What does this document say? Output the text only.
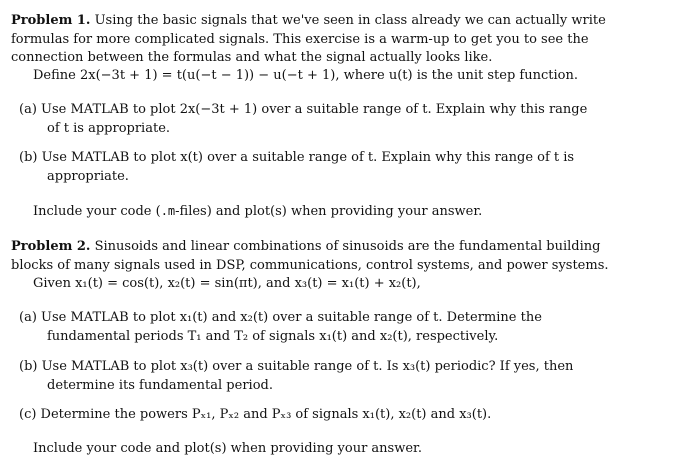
Problem 1. Using the basic signals that we've seen in class already we can actually write
formulas for more complicated signals. This exercise is a warm-up to get you to see the
connection between the formulas and what the signal actually looks like.
Define 2x(−3t + 1) = t(u(−t − 1)) − u(−t + 1), where u(t) is the unit step function.
(a) Use MATLAB to plot 2x(−3t + 1) over a suitable range of t. Explain why this range
of t is appropriate.
(b) Use MATLAB to plot x(t) over a suitable range of t. Explain why this range of t is
appropriate.
Include your code (.m-files) and plot(s) when providing your answer.
Problem 2. Sinusoids and linear combinations of sinusoids are the fundamental building
blocks of many signals used in DSP, communications, control systems, and power systems.
Given x₁(t) = cos(t), x₂(t) = sin(πt), and x₃(t) = x₁(t) + x₂(t),
(a) Use MATLAB to plot x₁(t) and x₂(t) over a suitable range of t. Determine the
fundamental periods T₁ and T₂ of signals x₁(t) and x₂(t), respectively.
(b) Use MATLAB to plot x₃(t) over a suitable range of t. Is x₃(t) periodic? If yes, then
determine its fundamental period.
(c) Determine the powers Pₓ₁, Pₓ₂ and Pₓ₃ of signals x₁(t), x₂(t) and x₃(t).
Include your code and plot(s) when providing your answer.
